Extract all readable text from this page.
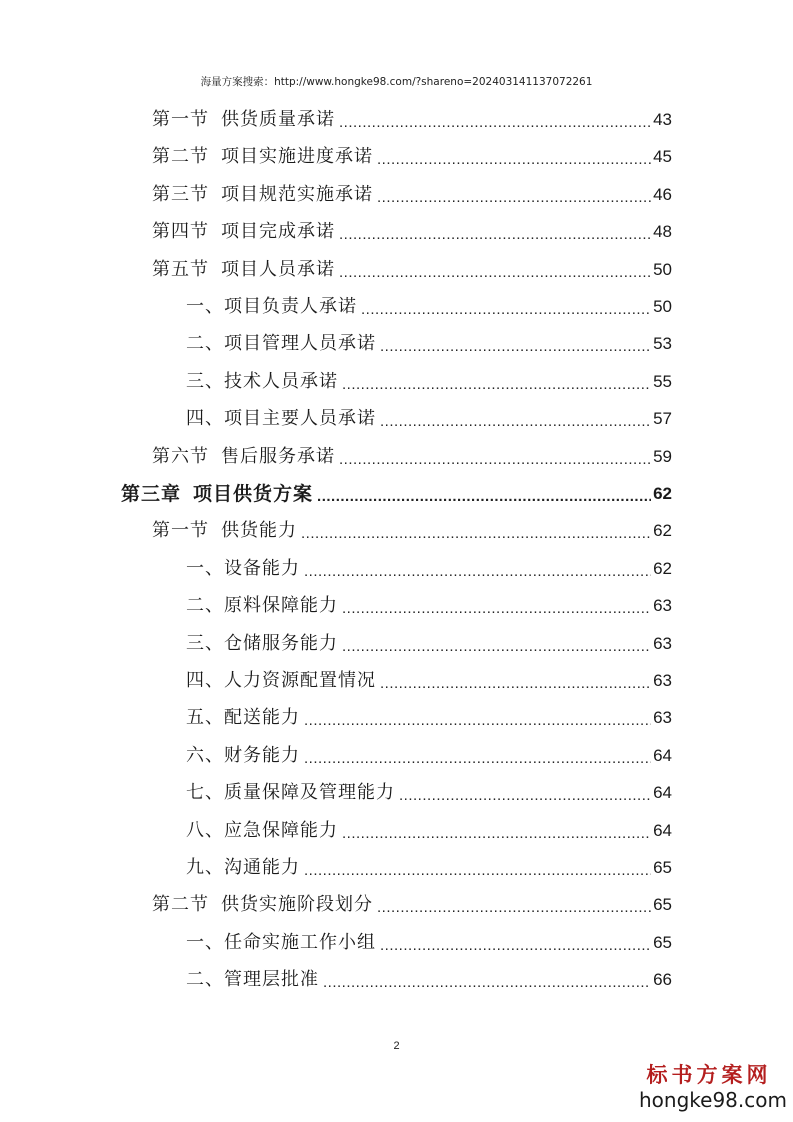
海量方案搜索：http://www.hongke98.com/?shareno=202403141137072261
第一节 供货质量承诺 .....	43
第二节 项目实施进度承诺 .....	45
第三节 项目规范实施承诺 .....	46
第四节 项目完成承诺 .....	48
第五节 项目人员承诺 .....	50
一、项目负责人承诺 .....	50
二、项目管理人员承诺 .....	53
三、技术人员承诺 .....	55
四、项目主要人员承诺 .....	57
第六节 售后服务承诺 .....	59
第三章 项目供货方案 .....	62
第一节 供货能力 .....	62
一、设备能力 .....	62
二、原料保障能力 .....	63
三、仓储服务能力 .....	63
四、人力资源配置情况 .....	63
五、配送能力 .....	63
六、财务能力 .....	64
七、质量保障及管理能力 .....	64
八、应急保障能力 .....	64
九、沟通能力 .....	65
第二节 供货实施阶段划分 .....	65
一、任命实施工作小组 .....	65
二、管理层批准 .....	66
2
标书方案网
hongke98.com
